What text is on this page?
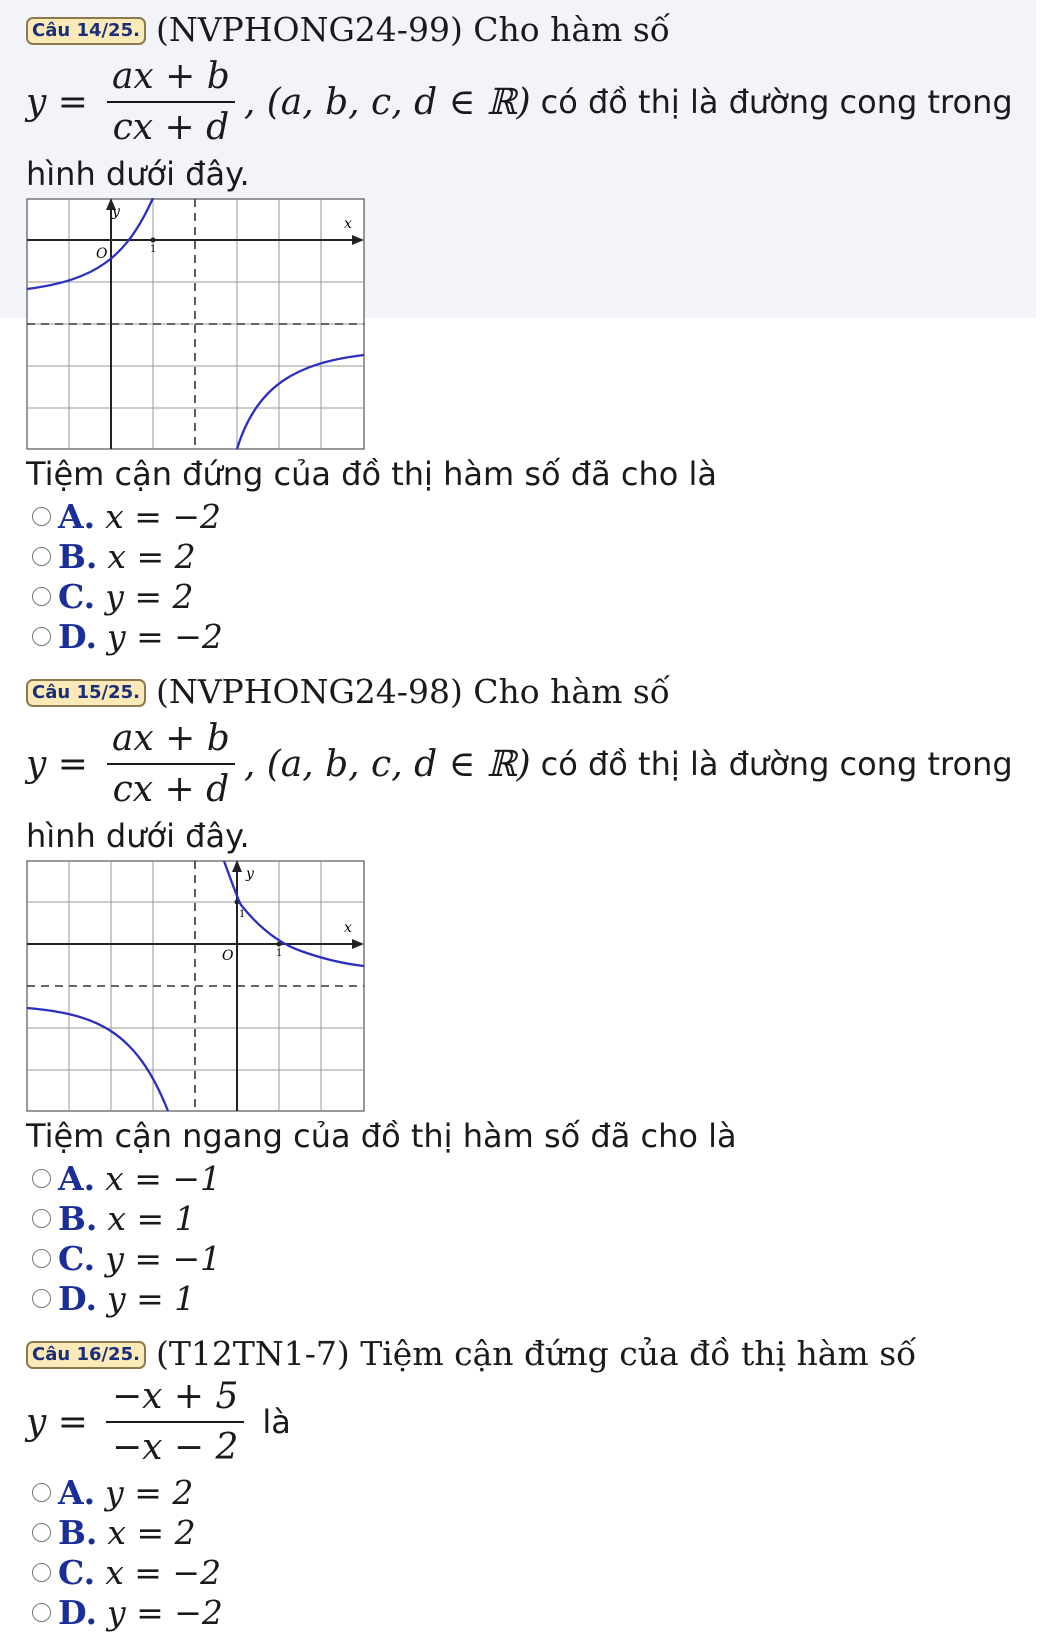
Câu 14/25. (NVPHONG24-99) Cho hàm số
$y = \frac{ax + b}{cx + d}$ , (a, b, c, d ∈ ℝ) có đồ thị là đường cong trong
hình dưới đây.
y
x
O	1
Tiệm cận đứng của đồ thị hàm số đã cho là
A. x = −2
B. x = 2
C. y = 2
D. y = −2
Câu 15/25. (NVPHONG24-98) Cho hàm số
$y = \frac{ax + b}{cx + d}$ , (a, b, c, d ∈ ℝ) có đồ thị là đường cong trong
hình dưới đây.
y
x
O	1
1
Tiệm cận ngang của đồ thị hàm số đã cho là
A. x = −1
B. x = 1
C. y = −1
D. y = 1
Câu 16/25. (T12TN1-7) Tiệm cận đứng của đồ thị hàm số
$y = \frac{-x + 5}{-x - 2}$ là
A. y = 2
B. x = 2
C. x = −2
D. y = −2
